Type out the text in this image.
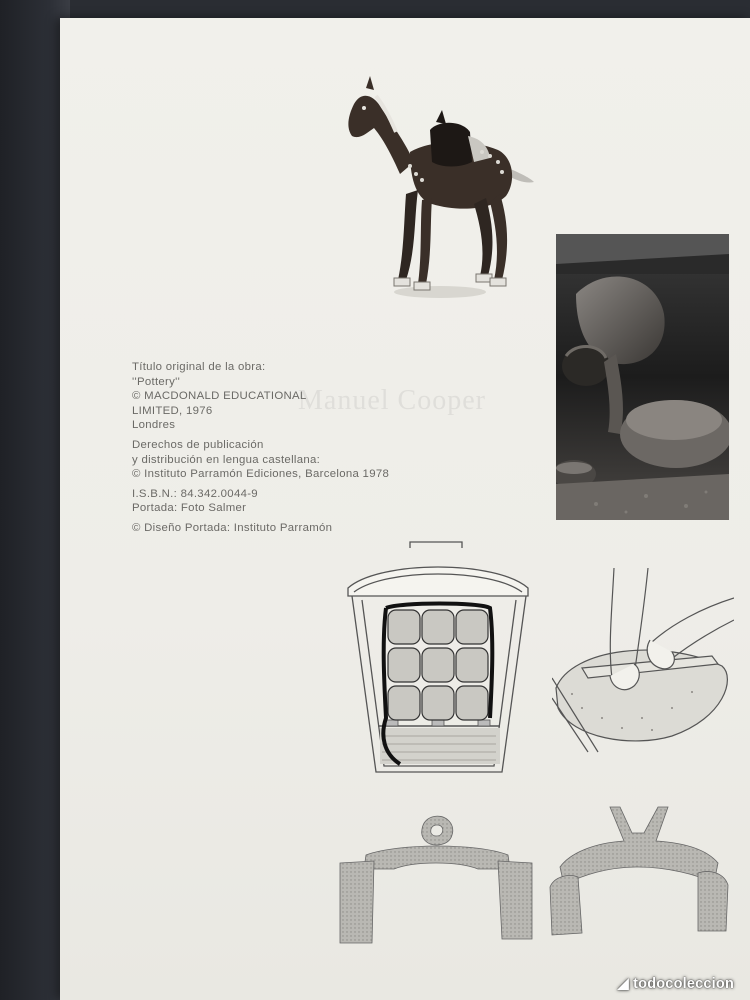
Manuel Cooper
Título original de la obra:
''Pottery''
© MACDONALD EDUCATIONAL
LIMITED, 1976
Londres
Derechos de publicación
y distribución en lengua castellana:
© Instituto Parramón Ediciones, Barcelona 1978
I.S.B.N.: 84.342.0044-9
Portada: Foto Salmer
© Diseño Portada: Instituto Parramón
◢ todocoleccion
